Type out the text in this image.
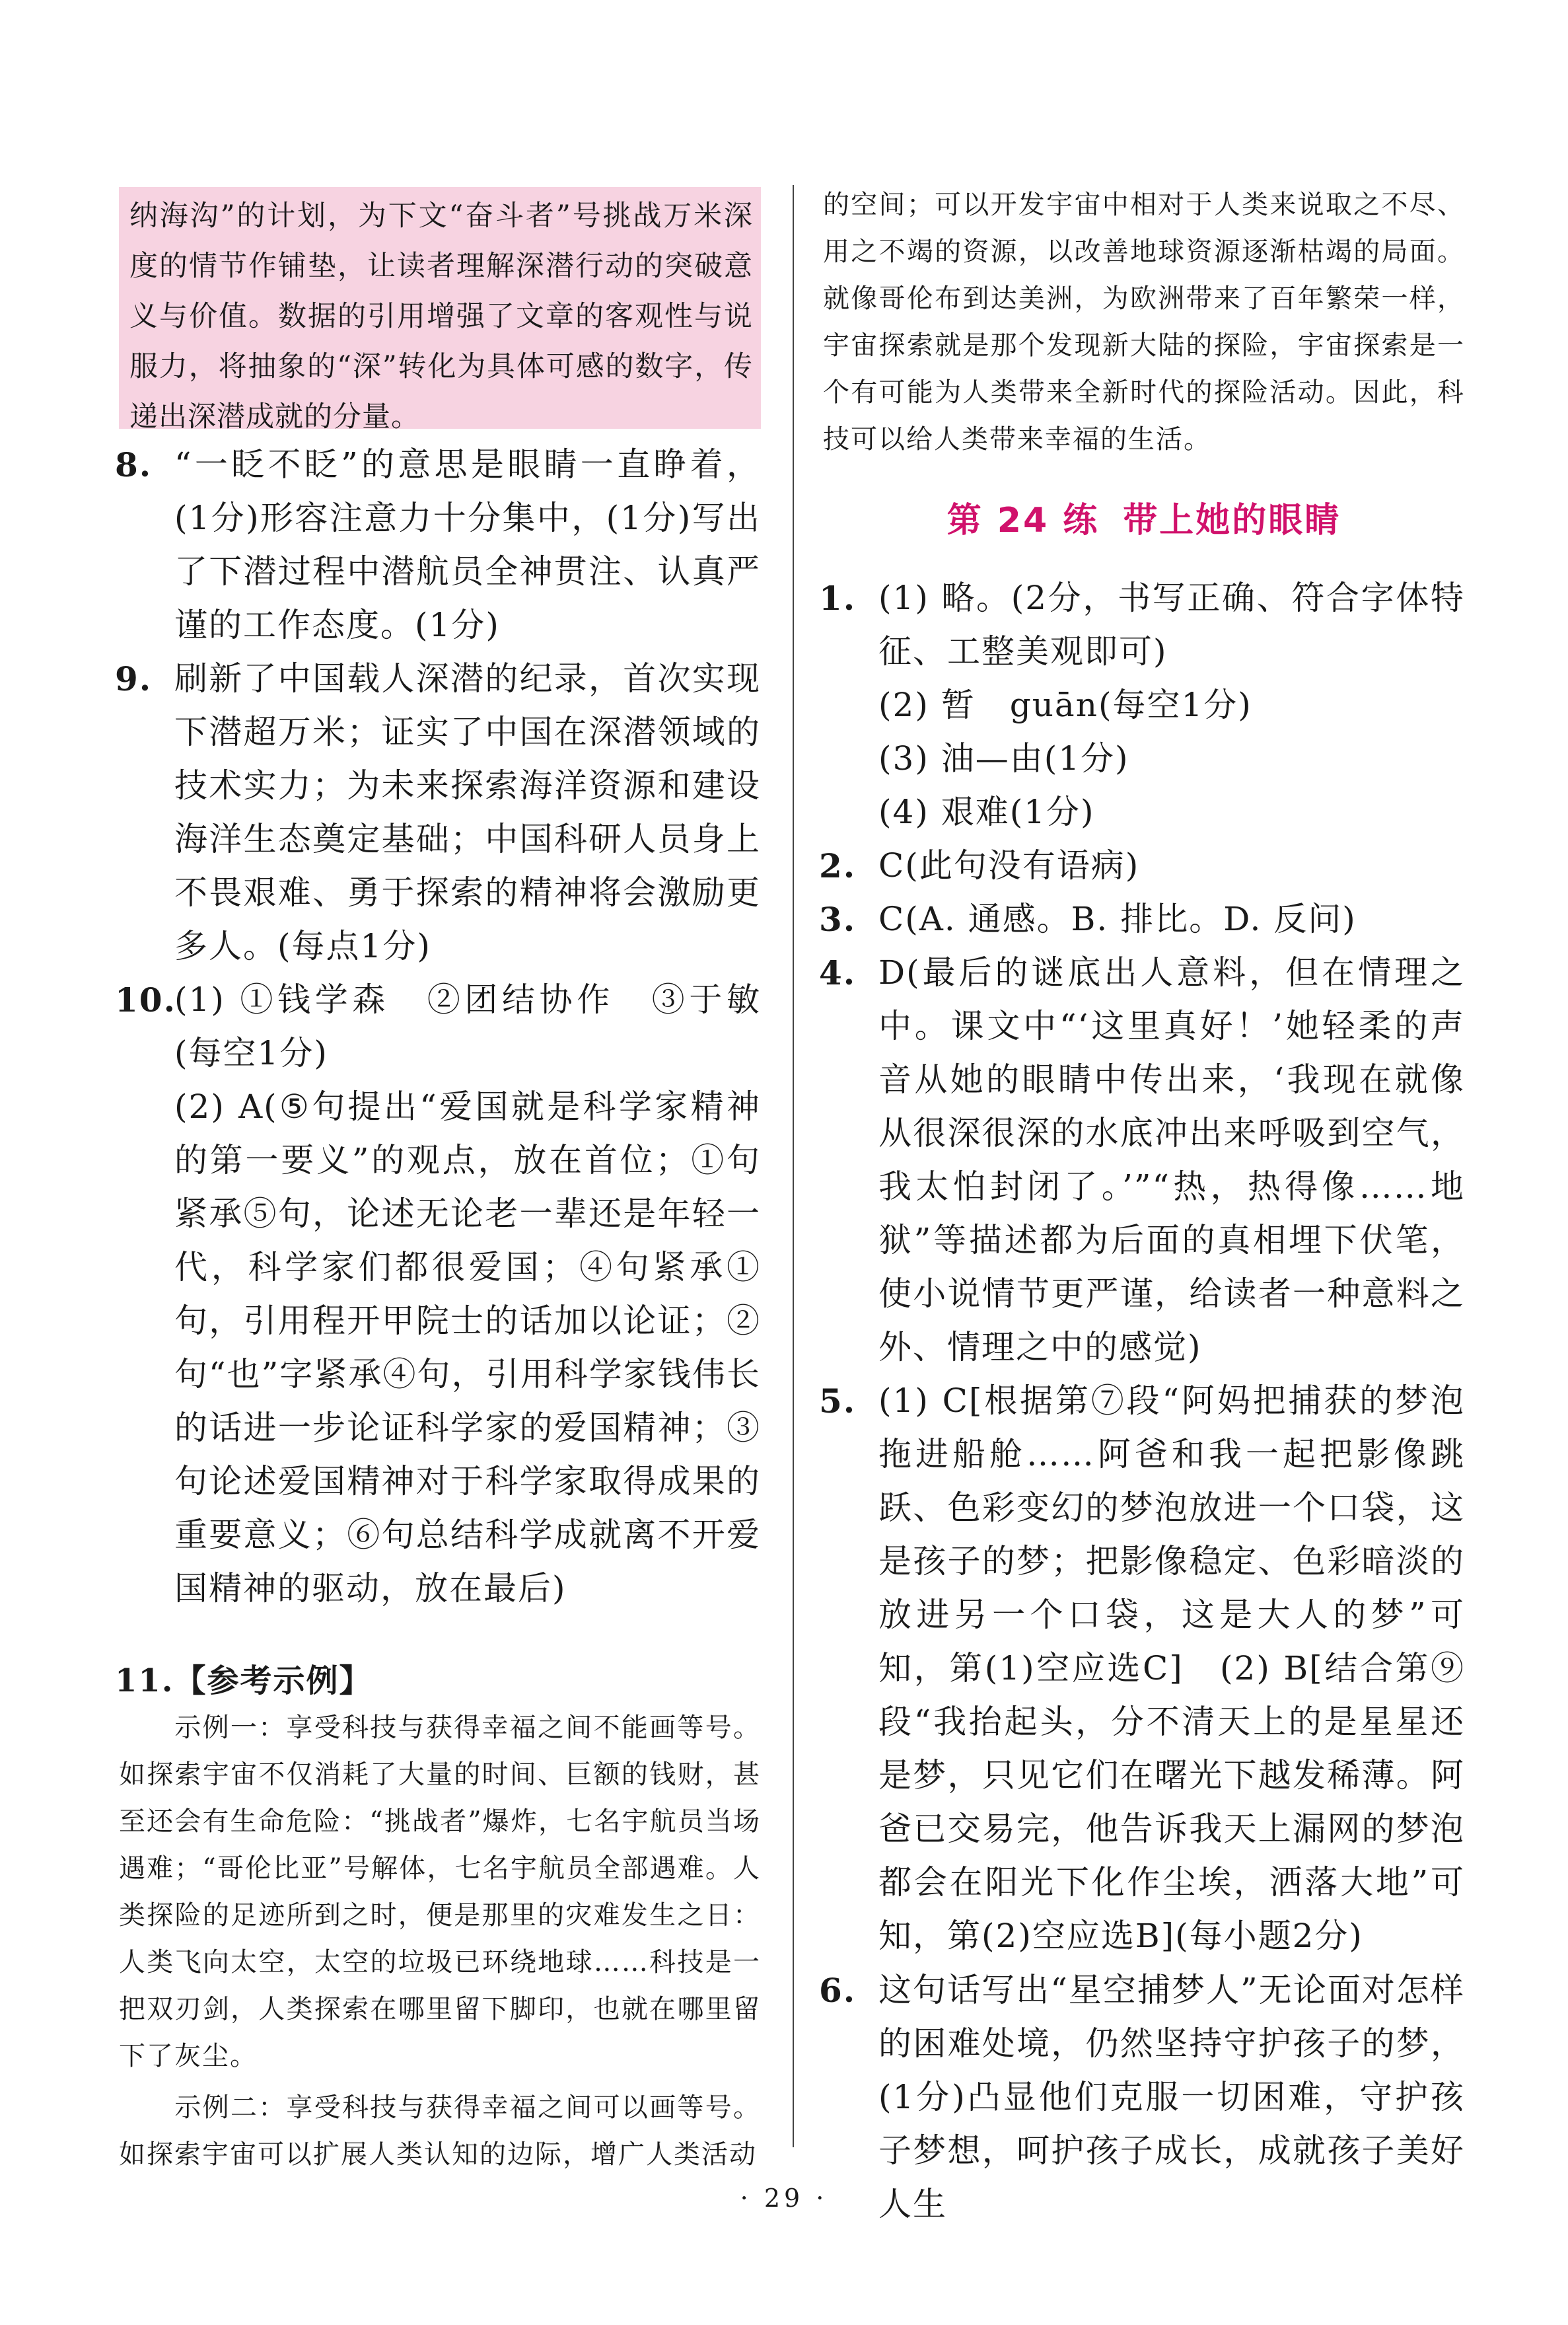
纳海沟”的计划，为下文“奋斗者”号挑战万米深度的情节作铺垫，让读者理解深潜行动的突破意义与价值。数据的引用增强了文章的客观性与说服力，将抽象的“深”转化为具体可感的数字，传递出深潜成就的分量。

8. “一眨不眨”的意思是眼睛一直睁着，(1分)形容注意力十分集中，(1分)写出了下潜过程中潜航员全神贯注、认真严谨的工作态度。(1分)
9. 刷新了中国载人深潜的纪录，首次实现下潜超万米；证实了中国在深潜领域的技术实力；为未来探索海洋资源和建设海洋生态奠定基础；中国科研人员身上不畏艰难、勇于探索的精神将会激励更多人。(每点1分)
10.
(1) ①钱学森　②团结协作　③于敏(每空1分)
(2) A(⑤句提出“爱国就是科学家精神的第一要义”的观点，放在首位；①句紧承⑤句，论述无论老一辈还是年轻一代，科学家们都很爱国；④句紧承①句，引用程开甲院士的话加以论证；②句“也”字紧承④句，引用科学家钱伟长的话进一步论证科学家的爱国精神；③句论述爱国精神对于科学家取得成果的重要意义；⑥句总结科学成就离不开爱国精神的驱动，放在最后)
11.【参考示例】
示例一：享受科技与获得幸福之间不能画等号。如探索宇宙不仅消耗了大量的时间、巨额的钱财，甚至还会有生命危险：“挑战者”爆炸，七名宇航员当场遇难；“哥伦比亚”号解体，七名宇航员全部遇难。人类探险的足迹所到之时，便是那里的灾难发生之日：人类飞向太空，太空的垃圾已环绕地球……科技是一把双刃剑，人类探索在哪里留下脚印，也就在哪里留下了灰尘。
示例二：享受科技与获得幸福之间可以画等号。如探索宇宙可以扩展人类认知的边际，增广人类活动
的空间；可以开发宇宙中相对于人类来说取之不尽、用之不竭的资源，以改善地球资源逐渐枯竭的局面。就像哥伦布到达美洲，为欧洲带来了百年繁荣一样，宇宙探索就是那个发现新大陆的探险，宇宙探索是一个有可能为人类带来全新时代的探险活动。因此，科技可以给人类带来幸福的生活。
第 24 练 带上她的眼睛
1. (1) 略。(2分，书写正确、符合字体特征、工整美观即可)
(2) 暂　guān(每空1分)
(3) 油—由(1分)
(4) 艰难(1分)
2. C(此句没有语病)
3. C(A. 通感。B. 排比。D. 反问)
4. D(最后的谜底出人意料，但在情理之中。课文中“‘这里真好！’她轻柔的声音从她的眼睛中传出来，‘我现在就像从很深很深的水底冲出来呼吸到空气，我太怕封闭了。’”“热，热得像……地狱”等描述都为后面的真相埋下伏笔，使小说情节更严谨，给读者一种意料之外、情理之中的感觉)
5. (1) C[根据第⑦段“阿妈把捕获的梦泡拖进船舱……阿爸和我一起把影像跳跃、色彩变幻的梦泡放进一个口袋，这是孩子的梦；把影像稳定、色彩暗淡的放进另一个口袋，这是大人的梦”可知，第(1)空应选C]　(2) B[结合第⑨段“我抬起头，分不清天上的是星星还是梦，只见它们在曙光下越发稀薄。阿爸已交易完，他告诉我天上漏网的梦泡都会在阳光下化作尘埃，洒落大地”可知，第(2)空应选B](每小题2分)
6. 这句话写出“星空捕梦人”无论面对怎样的困难处境，仍然坚持守护孩子的梦，(1分)凸显他们克服一切困难，守护孩子梦想，呵护孩子成长，成就孩子美好人生
· 29 ·
